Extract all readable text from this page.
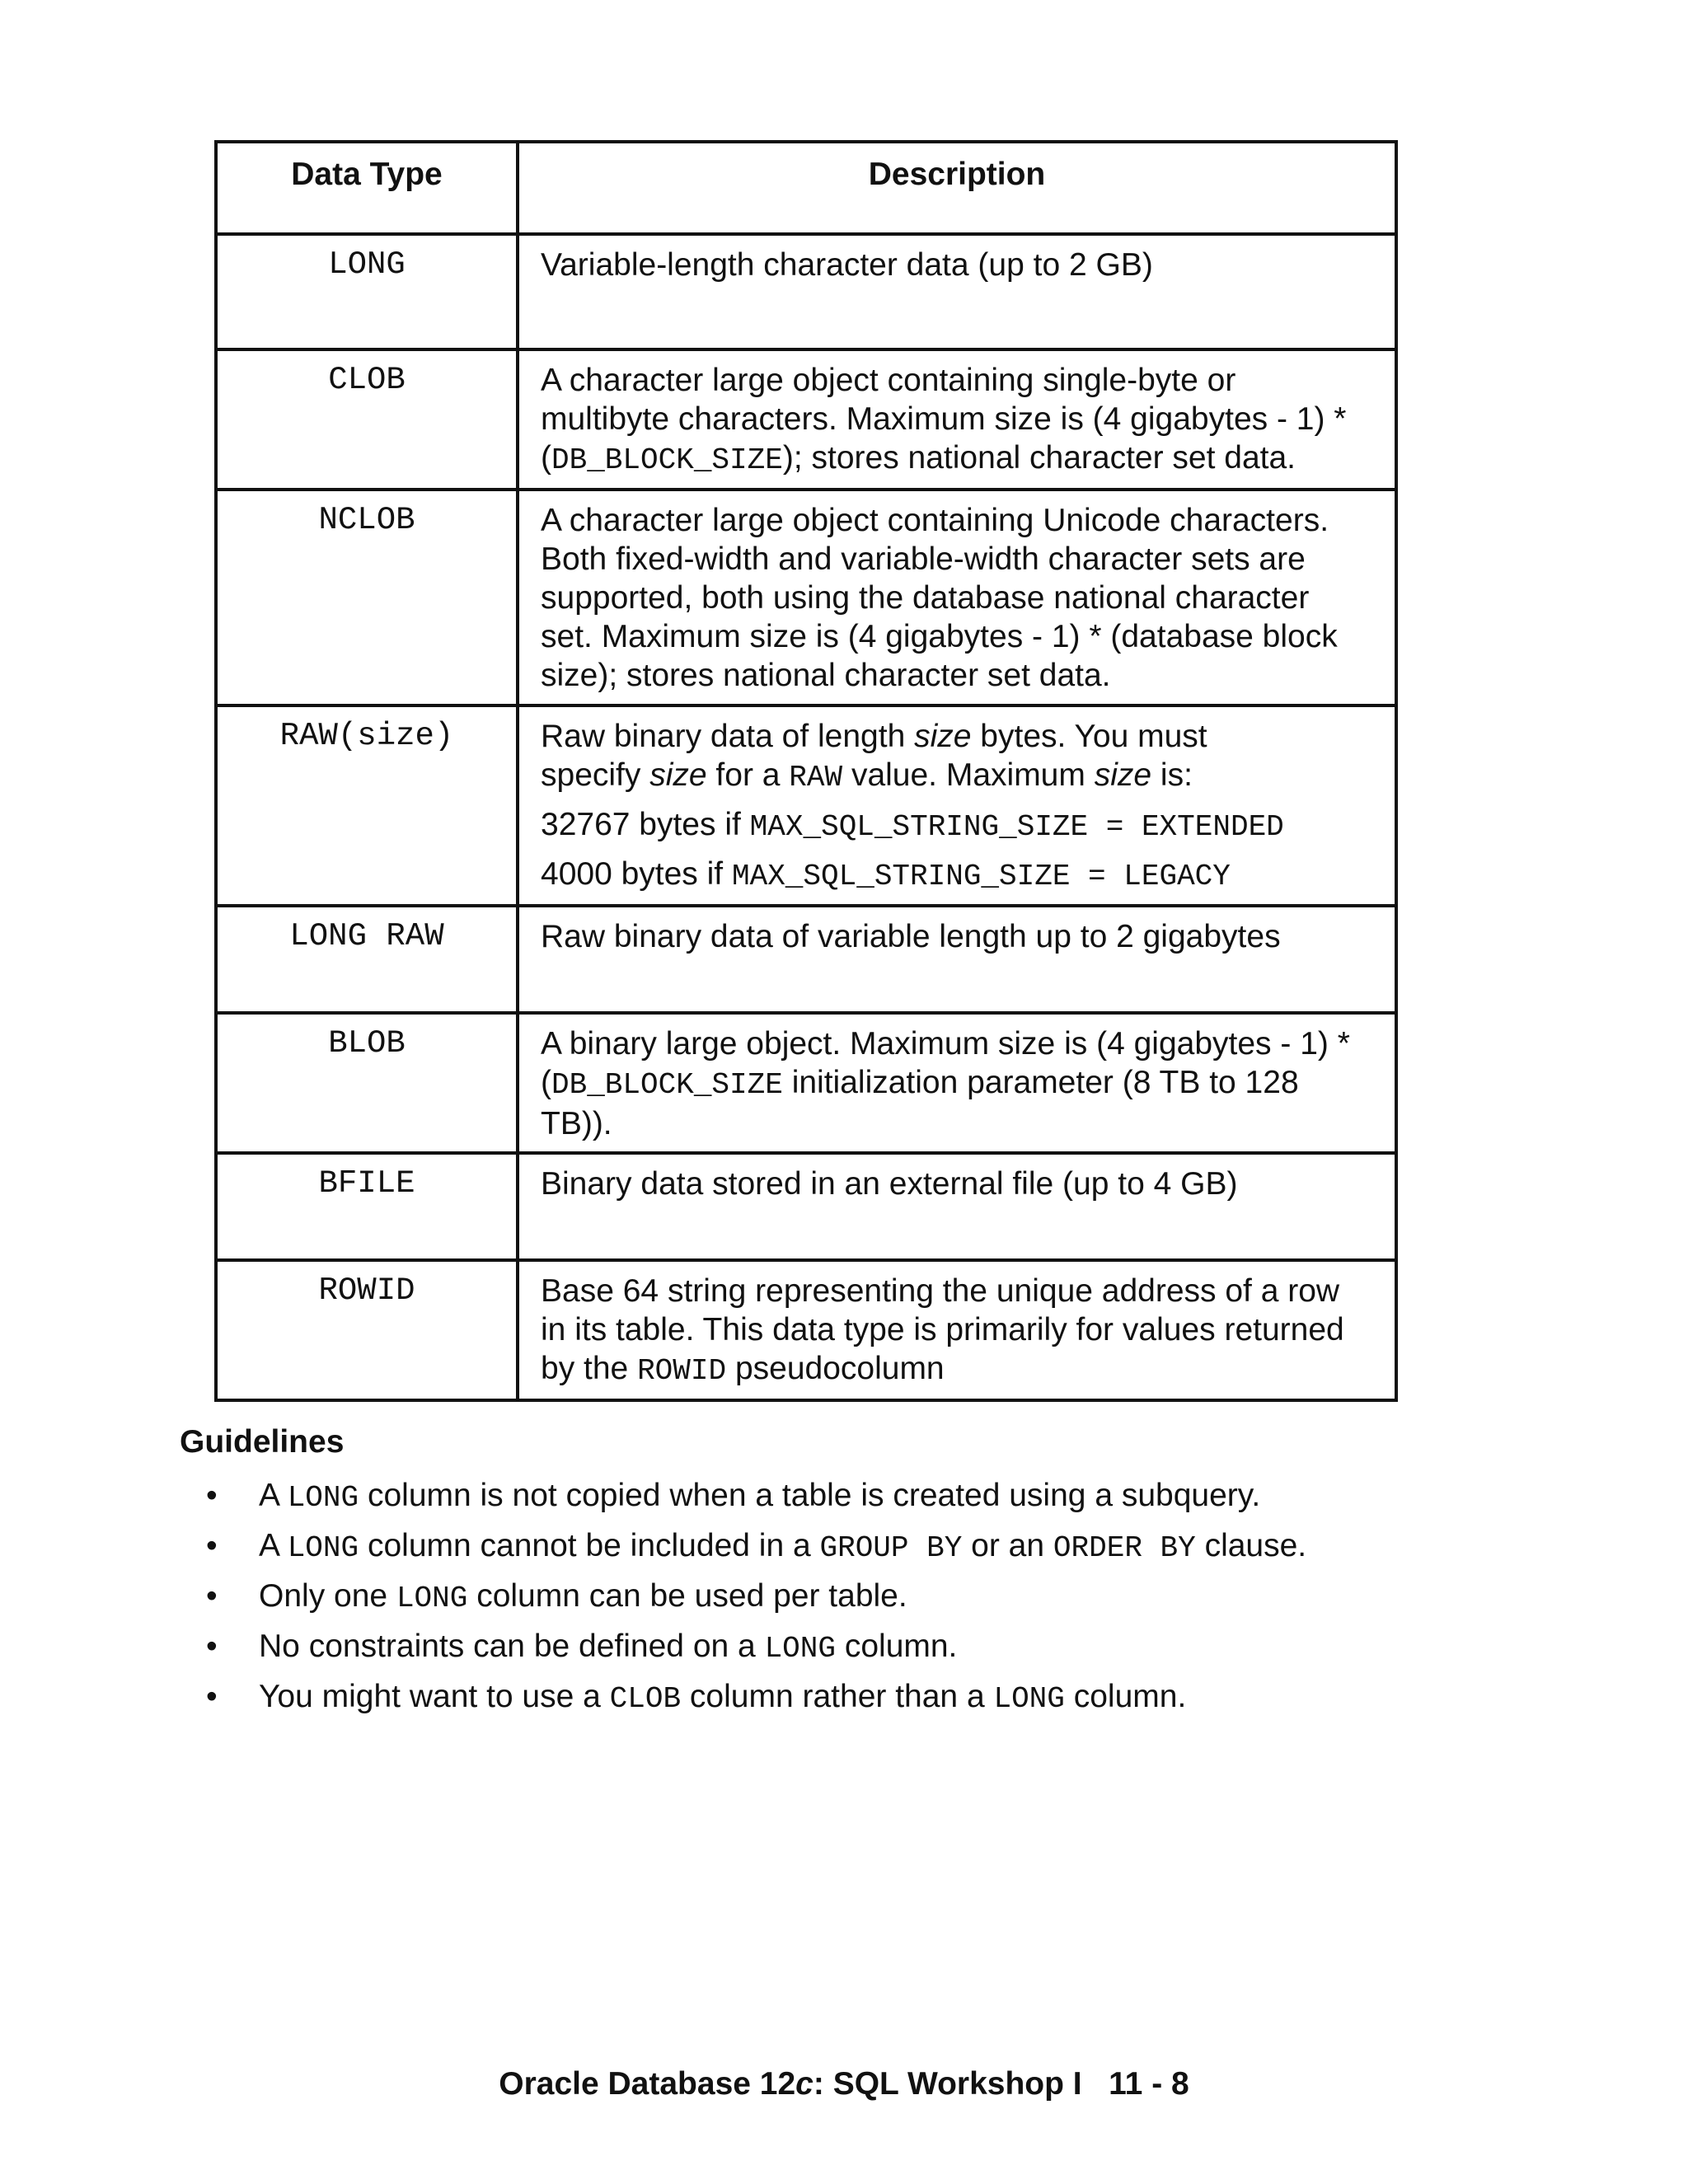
Data Type	Description
LONG	Variable-length character data (up to 2 GB)
CLOB	A character large object containing single-byte or
multibyte characters. Maximum size is (4 gigabytes - 1) *
(DB_BLOCK_SIZE); stores national character set data.
NCLOB	A character large object containing Unicode characters.
Both fixed-width and variable-width character sets are
supported, both using the database national character
set. Maximum size is (4 gigabytes - 1) * (database block
size); stores national character set data.
RAW(size)	Raw binary data of length size bytes. You must
specify size for a RAW value. Maximum size is:
32767 bytes if MAX_SQL_STRING_SIZE = EXTENDED
4000 bytes if MAX_SQL_STRING_SIZE = LEGACY

LONG RAW	Raw binary data of variable length up to 2 gigabytes
BLOB	A binary large object. Maximum size is (4 gigabytes - 1) *
(DB_BLOCK_SIZE initialization parameter (8 TB to 128
TB)).
BFILE	Binary data stored in an external file (up to 4 GB)
ROWID	Base 64 string representing the unique address of a row
in its table. This data type is primarily for values returned
by the ROWID pseudocolumn
Guidelines
• A LONG column is not copied when a table is created using a subquery.
• A LONG column cannot be included in a GROUP BY or an ORDER BY clause.
• Only one LONG column can be used per table.
• No constraints can be defined on a LONG column.
• You might want to use a CLOB column rather than a LONG column.
Oracle Database 12c: SQL Workshop I   11 - 8
